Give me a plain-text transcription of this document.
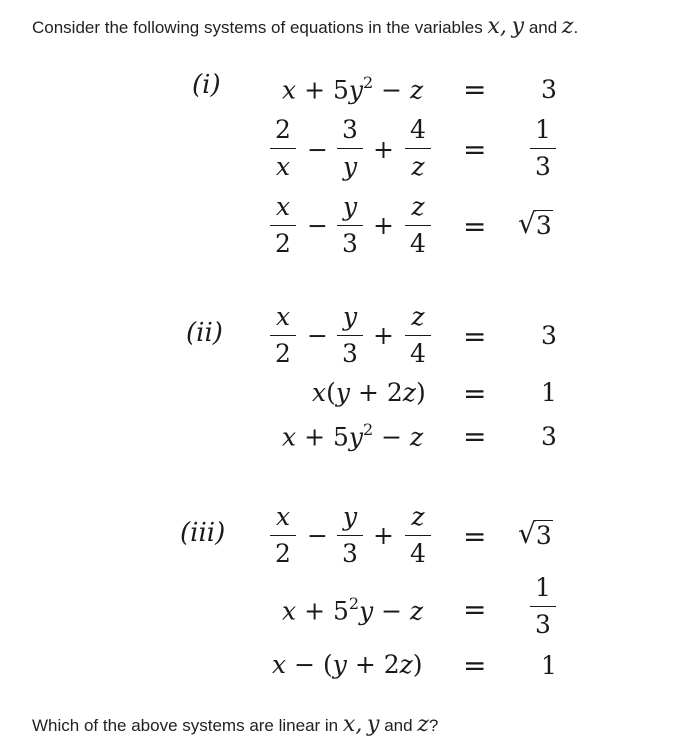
Consider the following systems of equations in the variables x, y and z.
(i) $x + 5y^2 - z = 3$
2
x
−
3
y
+
4
z
=
1
3
x
2
−
y
3
+
z
4
= √ 3
(ii)
x
2
−
y
3
+
z
4
= 3
x(y + 2z) = 1
$x + 5y^2 - z = 3$
(iii)
x
2
−
y
3
+
z
4
= √ 3
$x + 5^2y - z$ =
1
3
x − (y + 2z) = 1
Which of the above systems are linear in x, y and z?
